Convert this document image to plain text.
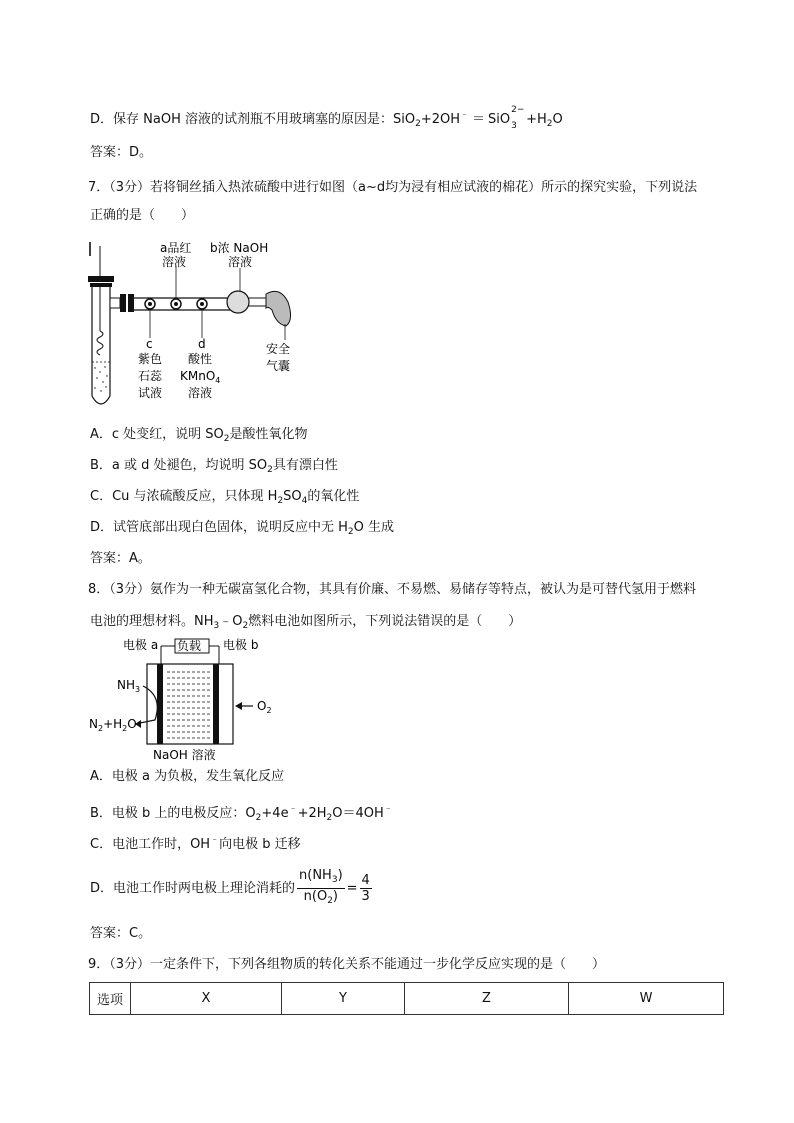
D．保存 NaOH 溶液的试剂瓶不用玻璃塞的原因是：SiO$_2$+2OH﹣ ＝ SiO
2−
$3 +H_2O$
答案：D。
7．（3分）若将铜丝插入热浓硫酸中进行如图（a~d均为浸有相应试液的棉花）所示的探究实验，下列说法
正确的是（　　）
a品红
溶液
b浓 NaOH
溶液
c
紫色
石蕊
试液
d
酸性
KMnO$_4$
溶液
安全
气囊
A．c 处变红，说明 $SO_2$是酸性氧化物
B．a 或 d 处褪色，均说明 $SO_2$具有漂白性
C．Cu 与浓硫酸反应，只体现 $H_2SO_4$的氧化性
D．试管底部出现白色固体，说明反应中无 $H_2O$ 生成
答案：A。
8．（3分）氨作为一种无碳富氢化合物，其具有价廉、不易燃、易储存等特点，被认为是可替代氢用于燃料
电池的理想材料。$NH_3﹣O_2$燃料电池如图所示，下列说法错误的是（　　）
电极 a 负载 电极 b
$NH_3$
$N_2+H_2O$
$O_2$
NaOH 溶液
A．电极 a 为负极，发生氧化反应
B．电极 b 上的电极反应：$O_2+4e^﹣+2H_2O=4OH^﹣$
C．电池工作时，OH﹣向电极 b 迁移
D．电池工作时两电极上理论消耗的 $\frac{n(NH_3)}{n(O_2)} = \frac{4}{3}$
答案：C。
9．（3分）一定条件下，下列各组物质的转化关系不能通过一步化学反应实现的是（　　）
选项	X	Y	Z	W
